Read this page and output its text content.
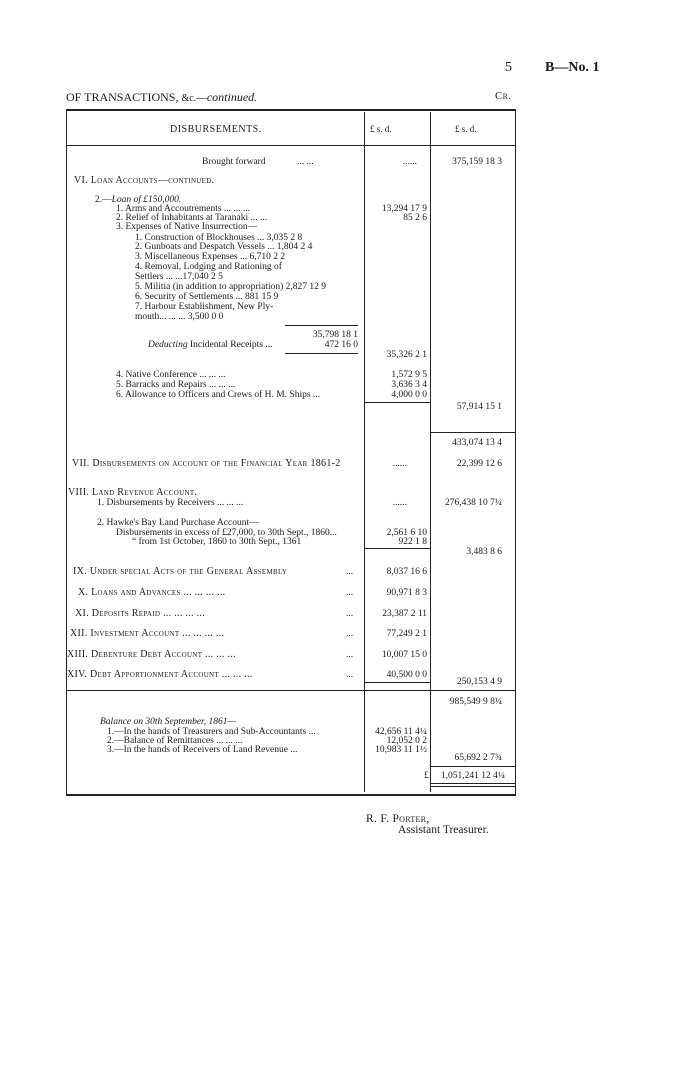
5 B—No. 1
OF TRANSACTIONS, &c.—continued.	Cr.
DISBURSEMENTS.	£ s. d.	£ s. d.
Brought forward	... ...	......	375,159 18 3
VI. Loan Accounts—continued.
2.—Loan of £150,000.
1. Arms and Accoutrements ... ... ...	13,294 17 9
2. Relief of Inhabitants at Taranaki ... ...	85 2 6
3. Expenses of Native Insurrection—
1. Construction of Blockhouses ... 3,035 2 8
2. Gunboats and Despatch Vessels ... 1,804 2 4
3. Miscellaneous Expenses ... 6,710 2 2
4. Removal, Lodging and Rationing of
Settlers ... ...17,040 2 5
5. Militia (in addition to appropriation) 2,827 12 9
6. Security of Settlements ... 881 15 9
7. Harbour Establishment, New Ply-
mouth... ... ... 3,500 0 0
35,798 18 1
Deducting Incidental Receipts ...	472 16 0
35,326 2 1
4. Native Conference ... ... ...	1,572 9 5
5. Barracks and Repairs ... ... ...	3,636 3 4
6. Allowance to Officers and Crews of H. M. Ships ...	4,000 0 0
57,914 15 1
433,074 13 4
VII. Disbursements on account of the Financial Year 1861-2	......	22,399 12 6
VIII. Land Revenue Account.
1. Disbursements by Receivers ... ... ...	......	276,438 10 7¼
2. Hawke's Bay Land Purchase Account—
Disbursements in excess of £27,000, to 30th Sept., 1860...	2,561 6 10
“ from 1st October, 1860 to 30th Sept., 1361	922 1 8
3,483 8 6
IX. Under special Acts of the General Assembly	...	8,037 16 6
X. Loans and Advances ... ... ... ...	...	90,971 8 3
XI. Deposits Repaid ... ... ... ...	...	23,387 2 11
XII. Investment Account ... ... ... ...	...	77,249 2 1
XIII. Debenture Debt Account ... ... ...	...	10,007 15 0
XIV. Debt Apportionment Account ... ... ...	...	40,500 0 0
250,153 4 9
985,549 9 8¼
Balance on 30th September, 1861—
1.—In the hands of Treasurers and Sub-Accountants ...	42,656 11 4¼
2.—Balance of Remittances ... ... ...	12,052 0 2
3.—In the hands of Receivers of Land Revenue ...	10,983 11 1½
65,692 2 7¾
£	1,051,241 12 4¼
R. F. Porter,
Assistant Treasurer.
